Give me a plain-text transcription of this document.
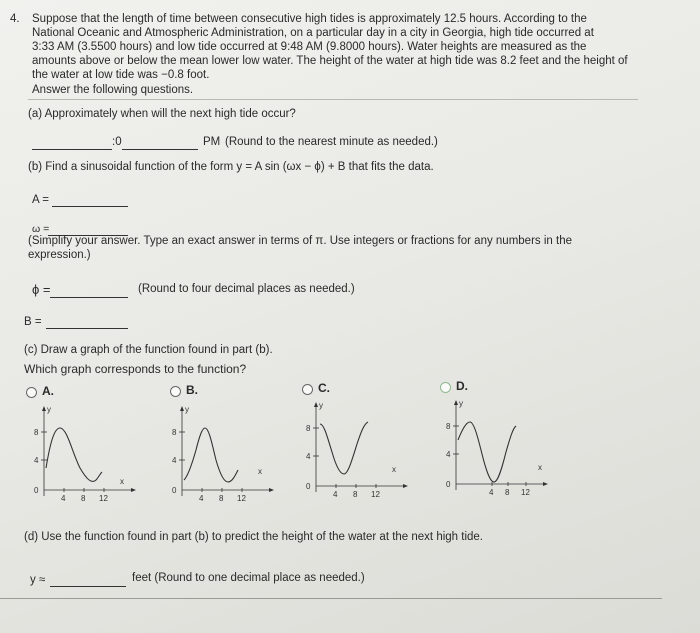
4. Suppose that the length of time between consecutive high tides is approximately 12.5 hours. According to the
National Oceanic and Atmospheric Administration, on a particular day in a city in Georgia, high tide occurred at
3:33 AM (3.5500 hours) and low tide occurred at 9:48 AM (9.8000 hours). Water heights are measured as the
amounts above or below the mean lower low water. The height of the water at high tide was 8.2 feet and the height of
the water at low tide was −0.8 foot.
Answer the following questions.
(a) Approximately when will the next high tide occur?
:0	PM (Round to the nearest minute as needed.)
(b) Find a sinusoidal function of the form y = A sin (ωx − ϕ) + B that fits the data.
A =
ω =
(Simplify your answer. Type an exact answer in terms of π. Use integers or fractions for any numbers in the
expression.)
ϕ =	(Round to four decimal places as needed.)
B =
(c) Draw a graph of the function found in part (b).
Which graph corresponds to the function?
A.	B.	C.	D.
y
x
8
4
0
4 8 12
y
x
8
4
0
4 8 12
y
x
8
4
0
4 8 12
y
x
8
4
0
4 8 12
(d) Use the function found in part (b) to predict the height of the water at the next high tide.
y ≈	feet (Round to one decimal place as needed.)
